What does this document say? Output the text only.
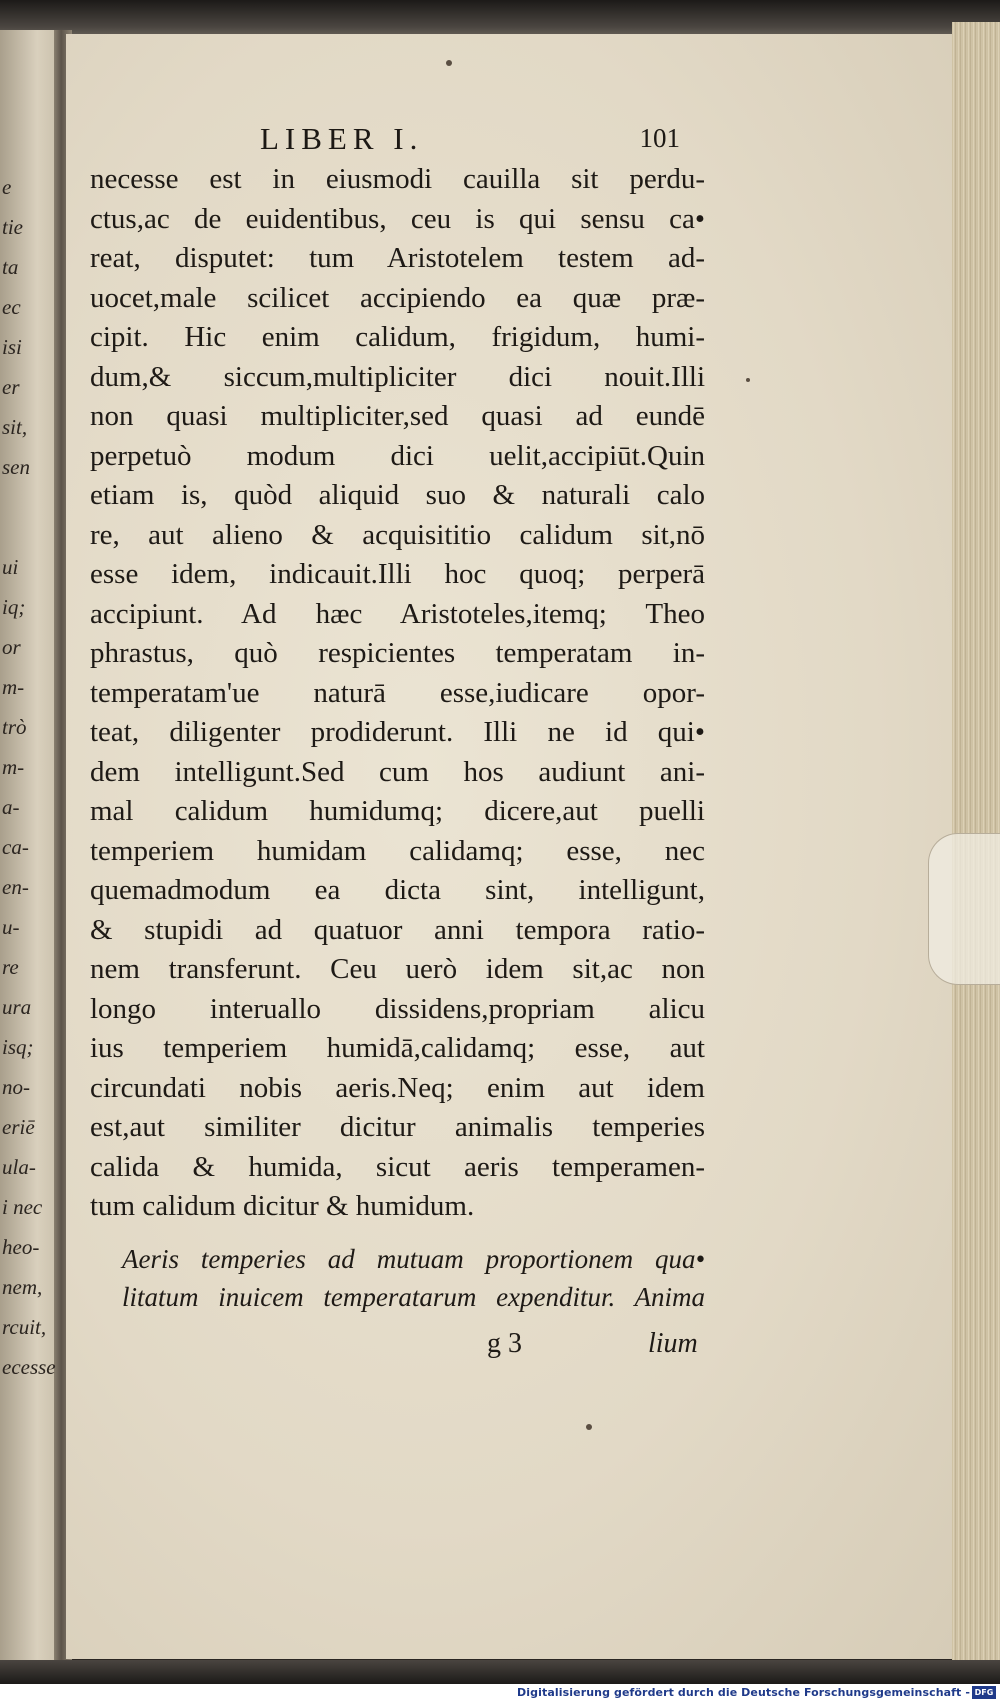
e
tie
ta
ec
isi
er
sit,
sen
ui
iq;
or
m-
trò
m-
a-
ca-
en-
u-
re
ura
isq;
no-
eriē
ula-
i nec
heo-
nem,
rcuit,
ecesse
LIBER I.	101
necesse est in eiusmodi cauilla sit perdu-
ctus,ac de euidentibus, ceu is qui sensu ca•
reat, disputet: tum Aristotelem testem ad-
uocet,male scilicet accipiendo ea quæ præ-
cipit. Hic enim calidum, frigidum, humi-
dum,& siccum,multipliciter dici nouit.Illi
non quasi multipliciter,sed quasi ad eundē
perpetuò modum dici uelit,accipiūt.Quin
etiam is, quòd aliquid suo & naturali calo
re, aut alieno & acquisititio calidum sit,nō
esse idem, indicauit.Illi hoc quoq; perperā
accipiunt. Ad hæc Aristoteles,itemq; Theo
phrastus, quò respicientes temperatam in-
temperatam'ue naturā esse,iudicare opor-
teat, diligenter prodiderunt. Illi ne id qui•
dem intelligunt.Sed cum hos audiunt ani-
mal calidum humidumq; dicere,aut puelli
temperiem humidam calidamq; esse, nec
quemadmodum ea dicta sint, intelligunt,
& stupidi ad quatuor anni tempora ratio-
nem transferunt. Ceu uerò idem sit,ac non
longo interuallo dissidens,propriam alicu
ius temperiem humidā,calidamq; esse, aut
circundati nobis aeris.Neq; enim aut idem
est,aut similiter dicitur animalis temperies
calida & humida, sicut aeris temperamen-
tum calidum dicitur & humidum.
Aeris temperies ad mutuam proportionem qua•
litatum inuicem temperatarum expenditur. Anima
g 3	lium
Digitalisierung gefördert durch die Deutsche Forschungsgemeinschaft - DFG
